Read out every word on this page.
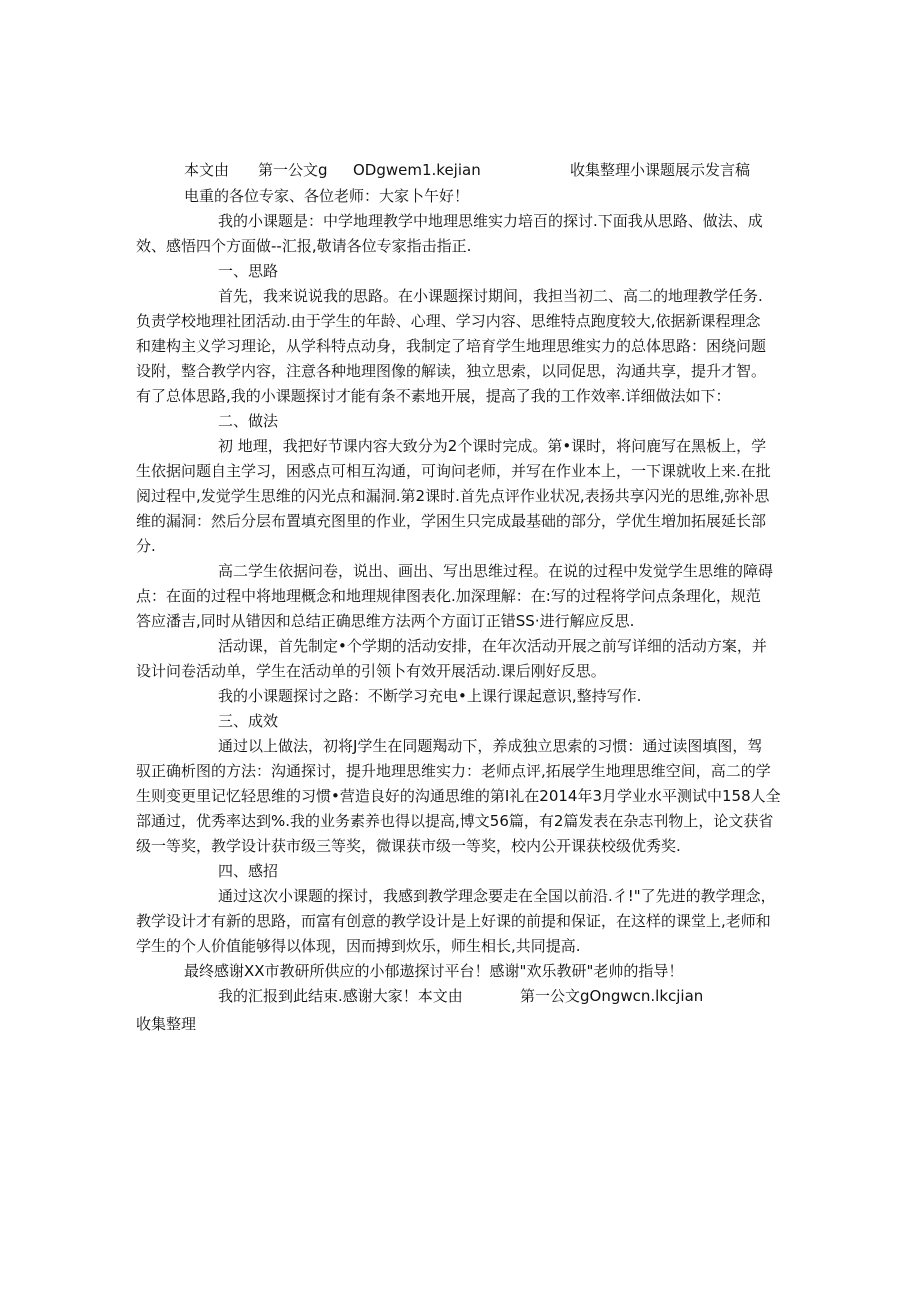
本文由 第一公文g ODgwem1.kejian	收集整理小课题展示发言稿
电重的各位专家、各位老师：大家卜午好！
我的小课题是：中学地理教学中地理思维实力培百的探讨.下面我从思路、做法、成
效、感悟四个方面做--汇报,敬请各位专家指击指正.
一、思路
首先，我来说说我的思路。在小课题探讨期间，我担当初二、高二的地理教学任务.
负责学校地理社团活动.由于学生的年龄、心理、学习内容、思维特点跑度较大,依据新课程理念
和建构主义学习理论，从学科特点动身，我制定了培育学生地理思维实力的总体思路：困绕问题
设附，整合教学内容，注意各种地理图像的解读，独立思索，以同促思，沟通共享，提升才智。
有了总体思路,我的小课题探讨才能有条不素地开展，提高了我的工作效率.详细做法如下：
二、做法
初 地理，我把好节课内容大致分为2个课时完成。第•课时，将问鹿写在黑板上，学
生依据问题自主学习，困惑点可相互沟通，可询问老师，并写在作业本上，一下课就收上来.在批
阅过程中,发觉学生思维的闪光点和漏洞.第2课时.首先点评作业状况,表扬共享闪光的思维,弥补思
维的漏洞：然后分层布置填充图里的作业，学困生只完成最基础的部分，学优生増加拓展延长部
分.
高二学生依据问卷，说出、画出、写出思维过程。在说的过程中发觉学生思维的障碍
点：在面的过程中将地理概念和地理规律图表化.加深理解：在:写的过程将学问点条理化，规范
答应潘吉,同时从错因和总结正确思维方法两个方面订正错SS·进行解应反思.
活动课，首先制定•个学期的活动安排，在年次活动开展之前写详细的活动方案，并
设计问卷活动单，学生在活动单的引领卜有效开展活动.课后刚好反思。
我的小课题探讨之路：不断学习充电•上课行课起意识,整持写作.
三、成效
通过以上做法，初将J学生在同题羯动下，养成独立思索的习惯：通过读图填图，驾
驭正确析图的方法：沟通探讨，提升地理思维实力：老师点评,拓展学生地理思维空间，高二的学
生则变更里记忆轻思维的习惯•营造良好的沟通思维的第I礼在2014年3月学业水平测试中158人全
部通过，优秀率达到%.我的业务素养也得以提高,博文56篇，有2篇发表在杂志刊物上，论文获省
级一等奖，教学设计获市级三等奖，微课获市级一等奖，校内公开课获校级优秀奖.
四、感招
通过这次小课题的探讨，我感到教学理念要走在全国以前沿.彳!"了先进的教学理念，
教学设计才有新的思路，而富有创意的教学设计是上好课的前提和保证，在这样的课堂上,老师和
学生的个人价值能够得以体现，因而搏到炊乐，师生相长,共同提高.
最终感谢XX市教研所供应的小郁遨探讨平台！感谢"欢乐教研"老帅的指导！
我的汇报到此结束.感谢大家！本文由	第一公文gOngwcn.lkcjian
收集整理
